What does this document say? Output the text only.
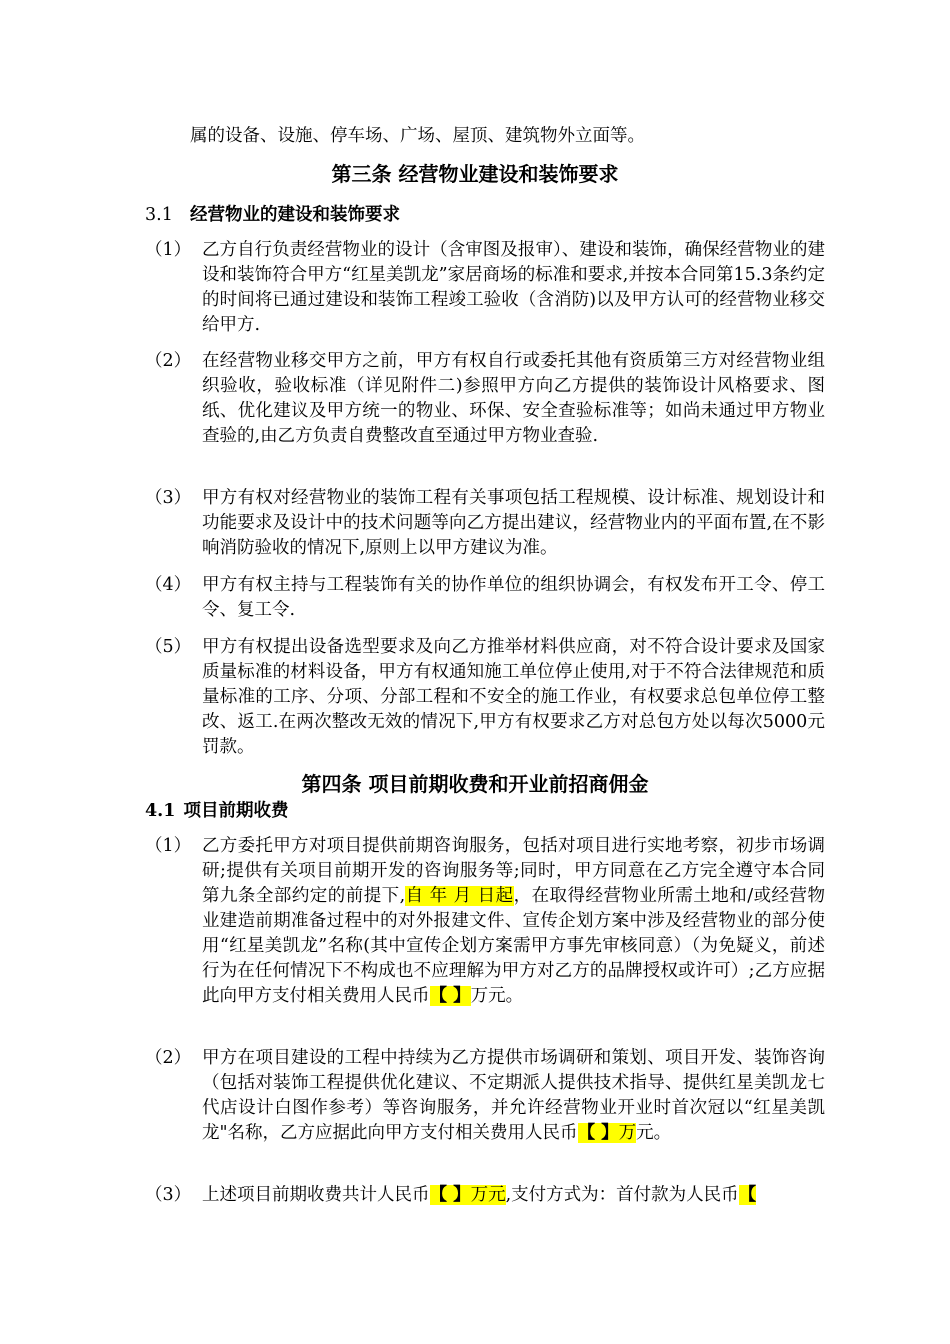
属的设备、设施、停车场、广场、屋顶、建筑物外立面等。
第三条 经营物业建设和装饰要求
3.1 经营物业的建设和装饰要求
（1） 乙方自行负责经营物业的设计（含审图及报审）、建设和装饰，确保经营物业的建设和装饰符合甲方“红星美凯龙”家居商场的标准和要求,并按本合同第15.3条约定的时间将已通过建设和装饰工程竣工验收（含消防)以及甲方认可的经营物业移交给甲方.
（2） 在经营物业移交甲方之前，甲方有权自行或委托其他有资质第三方对经营物业组织验收，验收标准（详见附件二)参照甲方向乙方提供的装饰设计风格要求、图纸、优化建议及甲方统一的物业、环保、安全查验标准等；如尚未通过甲方物业查验的,由乙方负责自费整改直至通过甲方物业查验.
（3） 甲方有权对经营物业的装饰工程有关事项包括工程规模、设计标准、规划设计和功能要求及设计中的技术问题等向乙方提出建议，经营物业内的平面布置,在不影响消防验收的情况下,原则上以甲方建议为准。
（4） 甲方有权主持与工程装饰有关的协作单位的组织协调会，有权发布开工令、停工令、复工令.
（5） 甲方有权提出设备选型要求及向乙方推举材料供应商，对不符合设计要求及国家质量标准的材料设备，甲方有权通知施工单位停止使用,对于不符合法律规范和质量标准的工序、分项、分部工程和不安全的施工作业，有权要求总包单位停工整改、返工.在两次整改无效的情况下,甲方有权要求乙方对总包方处以每次5000元罚款。
第四条 项目前期收费和开业前招商佣金
4.1 项目前期收费
（1） 乙方委托甲方对项目提供前期咨询服务，包括对项目进行实地考察，初步市场调研;提供有关项目前期开发的咨询服务等;同时，甲方同意在乙方完全遵守本合同第九条全部约定的前提下,自 年 月 日起，在取得经营物业所需土地和/或经营物业建造前期准备过程中的对外报建文件、宣传企划方案中涉及经营物业的部分使用“红星美凯龙”名称(其中宣传企划方案需甲方事先审核同意）（为免疑义，前述行为在任何情况下不构成也不应理解为甲方对乙方的品牌授权或许可）;乙方应据此向甲方支付相关费用人民币【 】万元。
（2） 甲方在项目建设的工程中持续为乙方提供市场调研和策划、项目开发、装饰咨询（包括对装饰工程提供优化建议、不定期派人提供技术指导、提供红星美凯龙七代店设计白图作参考）等咨询服务，并允许经营物业开业时首次冠以“红星美凯龙"名称，乙方应据此向甲方支付相关费用人民币【 】万元。
（3） 上述项目前期收费共计人民币【 】万元,支付方式为：首付款为人民币【
